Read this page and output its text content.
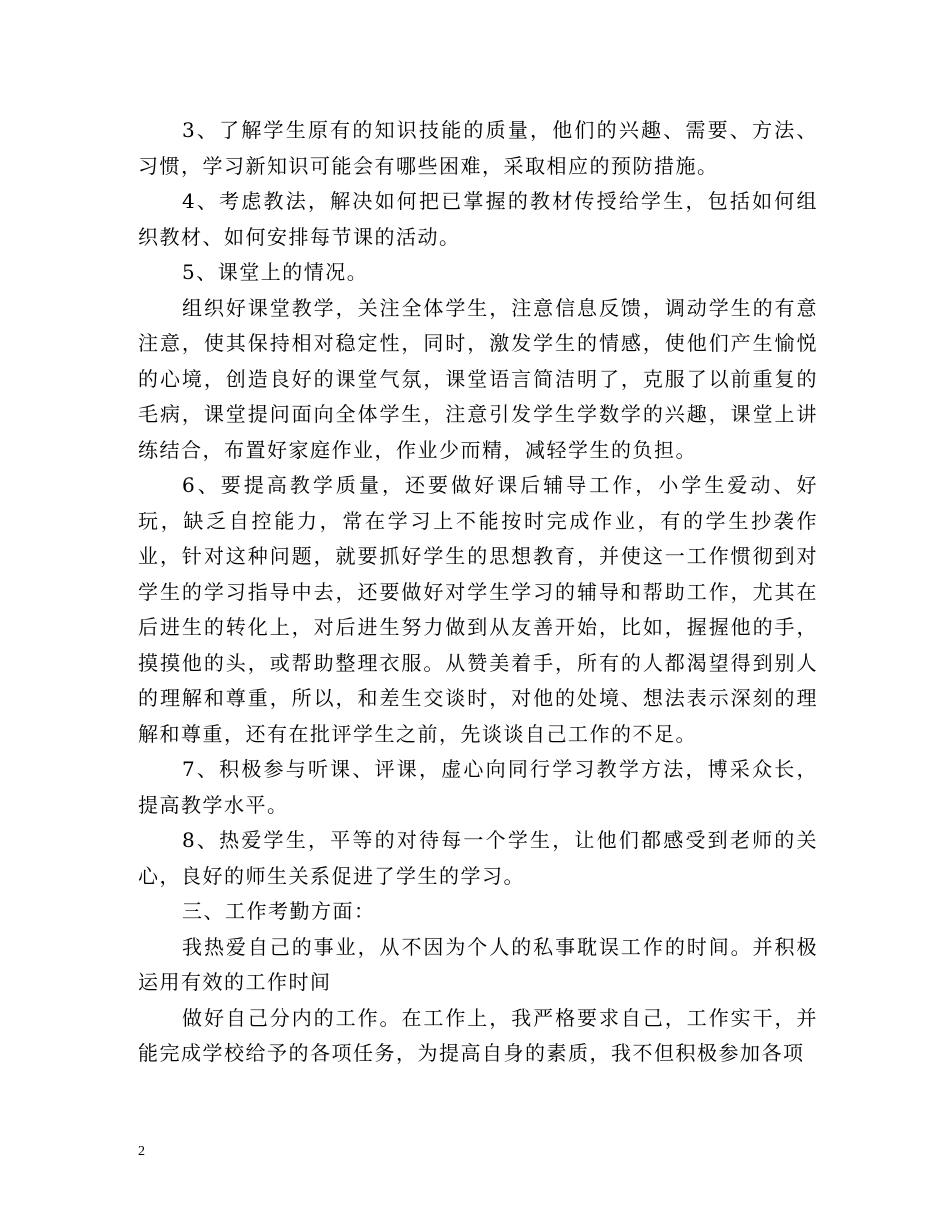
3、了解学生原有的知识技能的质量，他们的兴趣、需要、方法、习惯，学习新知识可能会有哪些困难，采取相应的预防措施。

4、考虑教法，解决如何把已掌握的教材传授给学生，包括如何组织教材、如何安排每节课的活动。

5、课堂上的情况。

组织好课堂教学，关注全体学生，注意信息反馈，调动学生的有意注意，使其保持相对稳定性，同时，激发学生的情感，使他们产生愉悦的心境，创造良好的课堂气氛，课堂语言简洁明了，克服了以前重复的毛病，课堂提问面向全体学生，注意引发学生学数学的兴趣，课堂上讲练结合，布置好家庭作业，作业少而精，减轻学生的负担。

6、要提高教学质量，还要做好课后辅导工作，小学生爱动、好玩，缺乏自控能力，常在学习上不能按时完成作业，有的学生抄袭作业，针对这种问题，就要抓好学生的思想教育，并使这一工作惯彻到对学生的学习指导中去，还要做好对学生学习的辅导和帮助工作，尤其在后进生的转化上，对后进生努力做到从友善开始，比如，握握他的手，摸摸他的头，或帮助整理衣服。从赞美着手，所有的人都渴望得到别人的理解和尊重，所以，和差生交谈时，对他的处境、想法表示深刻的理解和尊重，还有在批评学生之前，先谈谈自己工作的不足。

7、积极参与听课、评课，虚心向同行学习教学方法，博采众长，提高教学水平。

8、热爱学生，平等的对待每一个学生，让他们都感受到老师的关心，良好的师生关系促进了学生的学习。

三、工作考勤方面：

我热爱自己的事业，从不因为个人的私事耽误工作的时间。并积极运用有效的工作时间

做好自己分内的工作。在工作上，我严格要求自己，工作实干，并能完成学校给予的各项任务，为提高自身的素质，我不但积极参加各项

2
